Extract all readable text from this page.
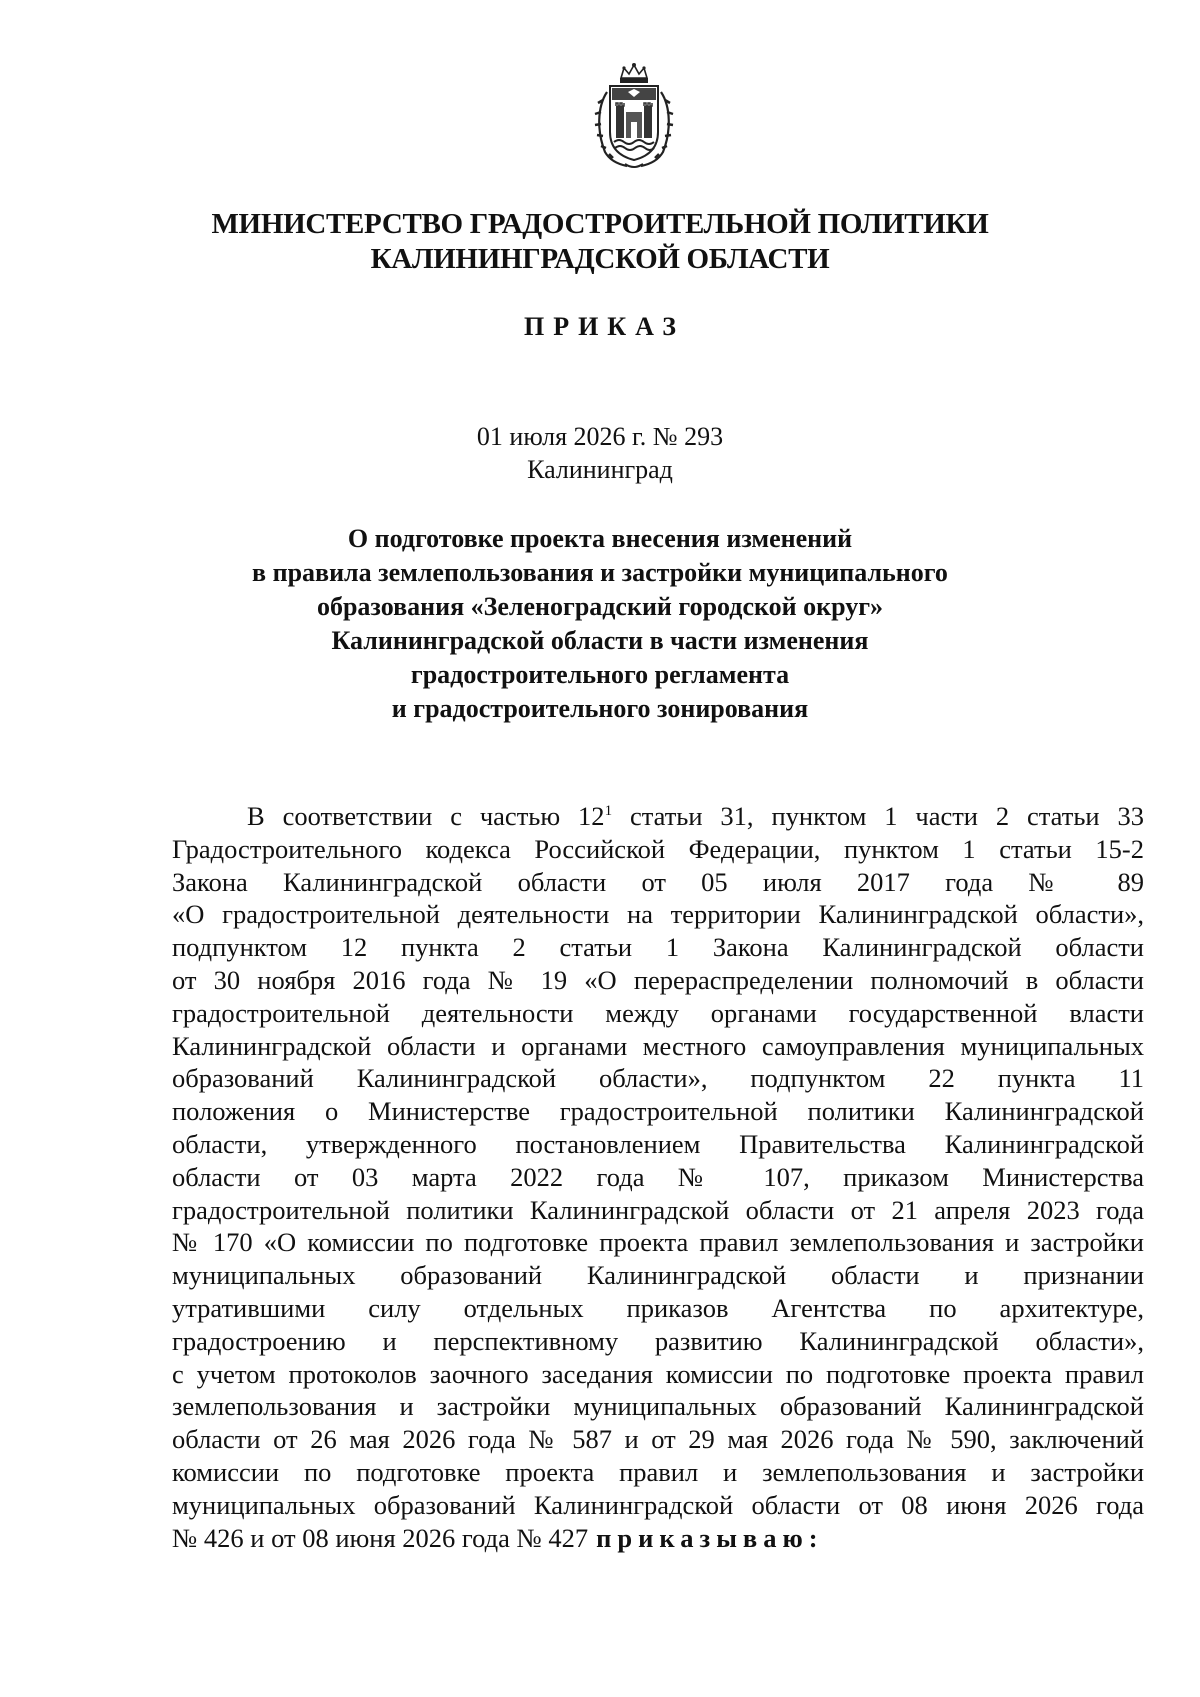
МИНИСТЕРСТВО ГРАДОСТРОИТЕЛЬНОЙ ПОЛИТИКИ
КАЛИНИНГРАДСКОЙ ОБЛАСТИ
ПРИКАЗ
01 июля 2026 г. № 293
Калининград
О подготовке проекта внесения изменений
в правила землепользования и застройки муниципального
образования «Зеленоградский городской округ»
Калининградской области в части изменения
градостроительного регламента
и градостроительного зонирования
В соответствии с частью $12^1$ статьи 31, пунктом 1 части 2 статьи 33
Градостроительного кодекса Российской Федерации, пунктом 1 статьи 15-2
Закона Калининградской области от 05 июля 2017 года № 89
«О градостроительной деятельности на территории Калининградской области»,
подпунктом 12 пункта 2 статьи 1 Закона Калининградской области
от 30 ноября 2016 года № 19 «О перераспределении полномочий в области
градостроительной деятельности между органами государственной власти
Калининградской области и органами местного самоуправления муниципальных
образований Калининградской области», подпунктом 22 пункта 11
положения о Министерстве градостроительной политики Калининградской
области, утвержденного постановлением Правительства Калининградской
области от 03 марта 2022 года № 107, приказом Министерства
градостроительной политики Калининградской области от 21 апреля 2023 года
№ 170 «О комиссии по подготовке проекта правил землепользования и застройки
муниципальных образований Калининградской области и признании
утратившими силу отдельных приказов Агентства по архитектуре,
градостроению и перспективному развитию Калининградской области»,
с учетом протоколов заочного заседания комиссии по подготовке проекта правил
землепользования и застройки муниципальных образований Калининградской
области от 26 мая 2026 года № 587 и от 29 мая 2026 года № 590, заключений
комиссии по подготовке проекта правил и землепользования и застройки
муниципальных образований Калининградской области от 08 июня 2026 года
№ 426 и от 08 июня 2026 года № 427 приказываю:
